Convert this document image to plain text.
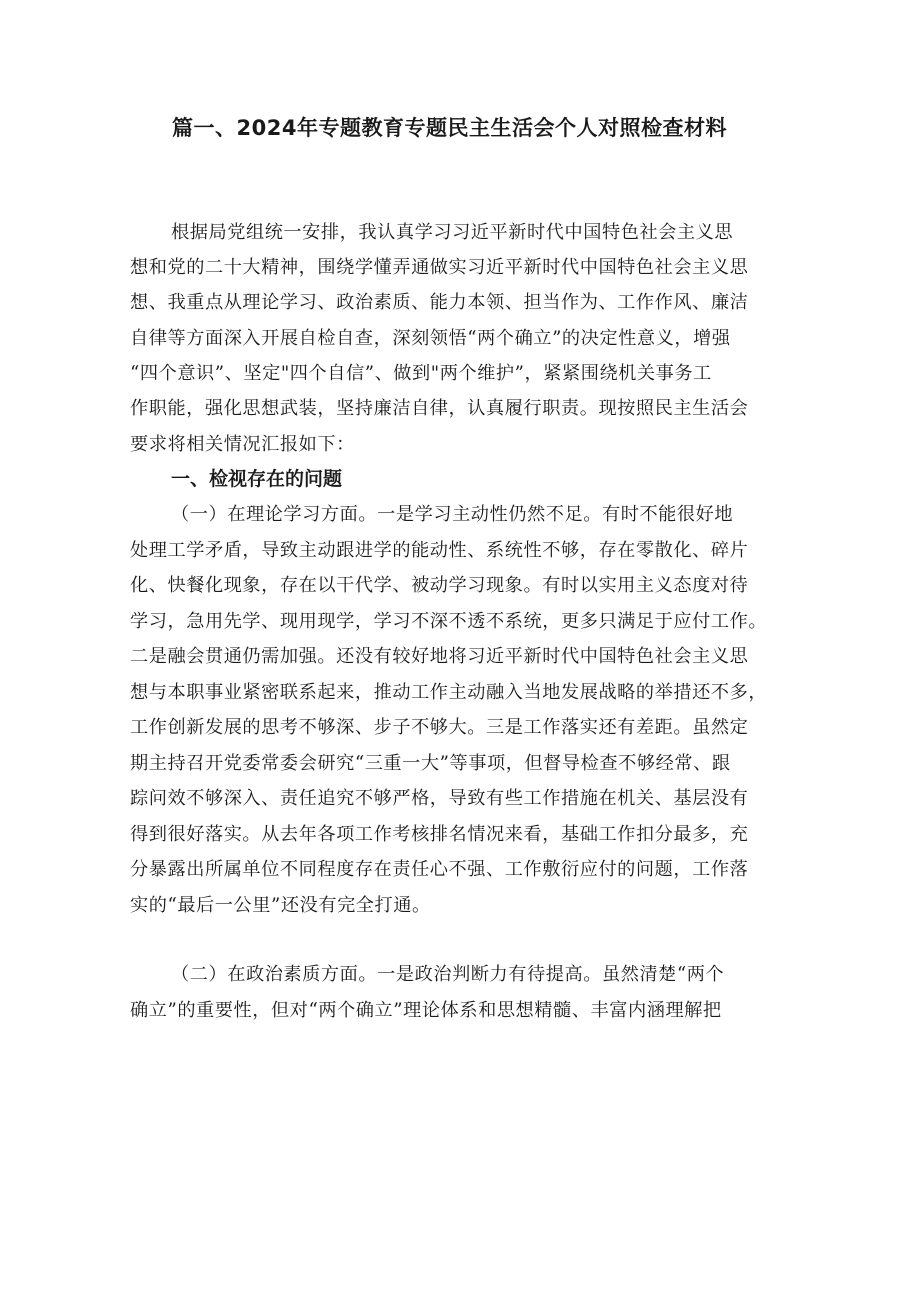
篇一、2024年专题教育专题民主生活会个人对照检查材料
根据局党组统一安排，我认真学习习近平新时代中国特色社会主义思
想和党的二十大精神，围绕学懂弄通做实习近平新时代中国特色社会主义思
想、我重点从理论学习、政治素质、能力本领、担当作为、工作作风、廉洁
自律等方面深入开展自检自查，深刻领悟“两个确立”的决定性意义，增强
“四个意识”、坚定"四个自信”、做到"两个维护”，紧紧围绕机关事务工
作职能，强化思想武装，坚持廉洁自律，认真履行职责。现按照民主生活会
要求将相关情况汇报如下：
一、检视存在的问题
（一）在理论学习方面。一是学习主动性仍然不足。有时不能很好地
处理工学矛盾，导致主动跟进学的能动性、系统性不够，存在零散化、碎片
化、快餐化现象，存在以干代学、被动学习现象。有时以实用主义态度对待
学习，急用先学、现用现学，学习不深不透不系统，更多只满足于应付工作。
二是融会贯通仍需加强。还没有较好地将习近平新时代中国特色社会主义思
想与本职事业紧密联系起来，推动工作主动融入当地发展战略的举措还不多，
工作创新发展的思考不够深、步子不够大。三是工作落实还有差距。虽然定
期主持召开党委常委会研究“三重一大”等事项，但督导检查不够经常、跟
踪问效不够深入、责任追究不够严格，导致有些工作措施在机关、基层没有
得到很好落实。从去年各项工作考核排名情况来看，基础工作扣分最多，充
分暴露出所属单位不同程度存在责任心不强、工作敷衍应付的问题，工作落
实的“最后一公里”还没有完全打通。
（二）在政治素质方面。一是政治判断力有待提高。虽然清楚“两个
确立”的重要性，但对“两个确立”理论体系和思想精髓、丰富内涵理解把
